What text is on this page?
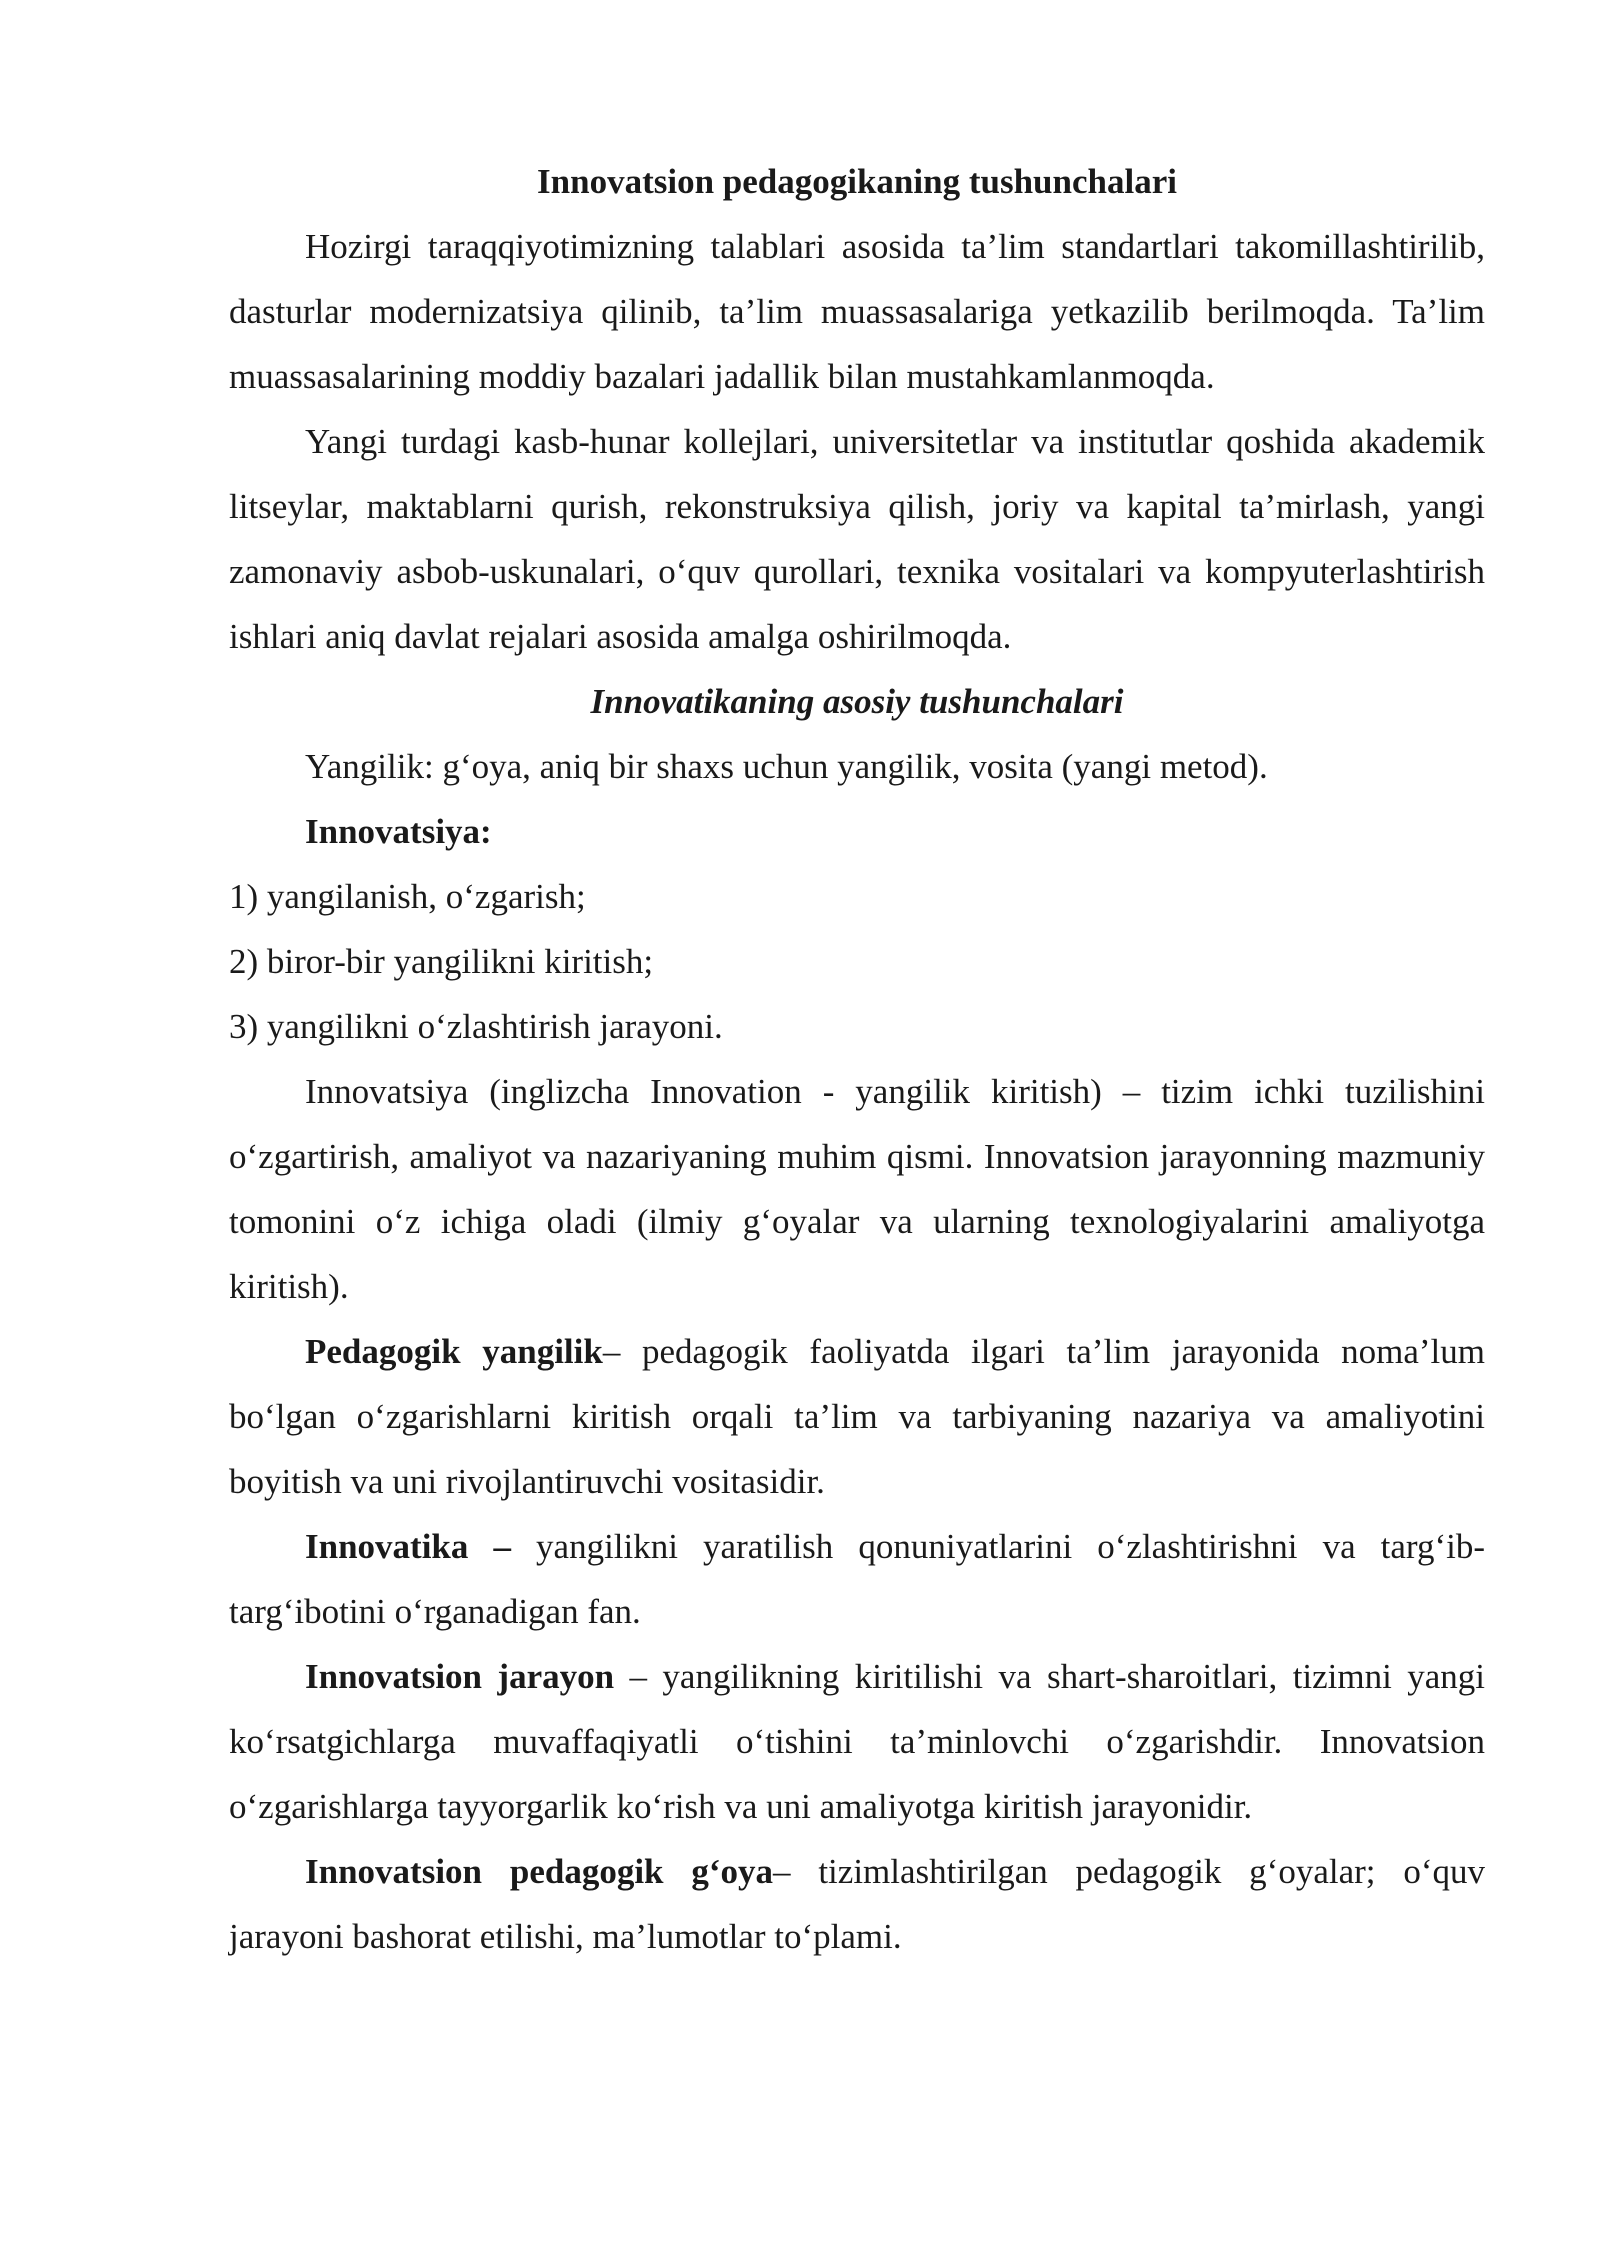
Innovatsion pedagogikaning tushunchalari

Hozirgi taraqqiyotimizning talablari asosida ta’lim standartlari takomillashtirilib, dasturlar modernizatsiya qilinib, ta’lim muassasalariga yetkazilib berilmoqda. Ta’lim muassasalarining moddiy bazalari jadallik bilan mustahkamlanmoqda.

Yangi turdagi kasb-hunar kollejlari, universitetlar va institutlar qoshida akademik litseylar, maktablarni qurish, rekonstruksiya qilish, joriy va kapital ta’mirlash, yangi zamonaviy asbob-uskunalari, o‘quv qurollari, texnika vositalari va kompyuterlashtirish ishlari aniq davlat rejalari asosida amalga oshirilmoqda.

Innovatikaning asosiy tushunchalari

Yangilik: g‘oya, aniq bir shaxs uchun yangilik, vosita (yangi metod).

Innovatsiya:

1) yangilanish, o‘zgarish;

2) biror-bir yangilikni kiritish;

3) yangilikni o‘zlashtirish jarayoni.

Innovatsiya (inglizcha Innovation - yangilik kiritish) – tizim ichki tuzilishini o‘zgartirish, amaliyot va nazariyaning muhim qismi. Innovatsion jarayonning mazmuniy tomonini o‘z ichiga oladi (ilmiy g‘oyalar va ularning texnologiyalarini amaliyotga kiritish).

Pedagogik yangilik– pedagogik faoliyatda ilgari ta’lim jarayonida noma’lum bo‘lgan o‘zgarishlarni kiritish orqali ta’lim va tarbiyaning nazariya va amaliyotini boyitish va uni rivojlantiruvchi vositasidir.

Innovatika – yangilikni yaratilish qonuniyatlarini o‘zlashtirishni va targ‘ib-targ‘ibotini o‘rganadigan fan.

Innovatsion jarayon – yangilikning kiritilishi va shart-sharoitlari, tizimni yangi ko‘rsatgichlarga muvaffaqiyatli o‘tishini ta’minlovchi o‘zgarishdir. Innovatsion o‘zgarishlarga tayyorgarlik ko‘rish va uni amaliyotga kiritish jarayonidir.

Innovatsion pedagogik g‘oya– tizimlashtirilgan pedagogik g‘oyalar; o‘quv jarayoni bashorat etilishi, ma’lumotlar to‘plami.
